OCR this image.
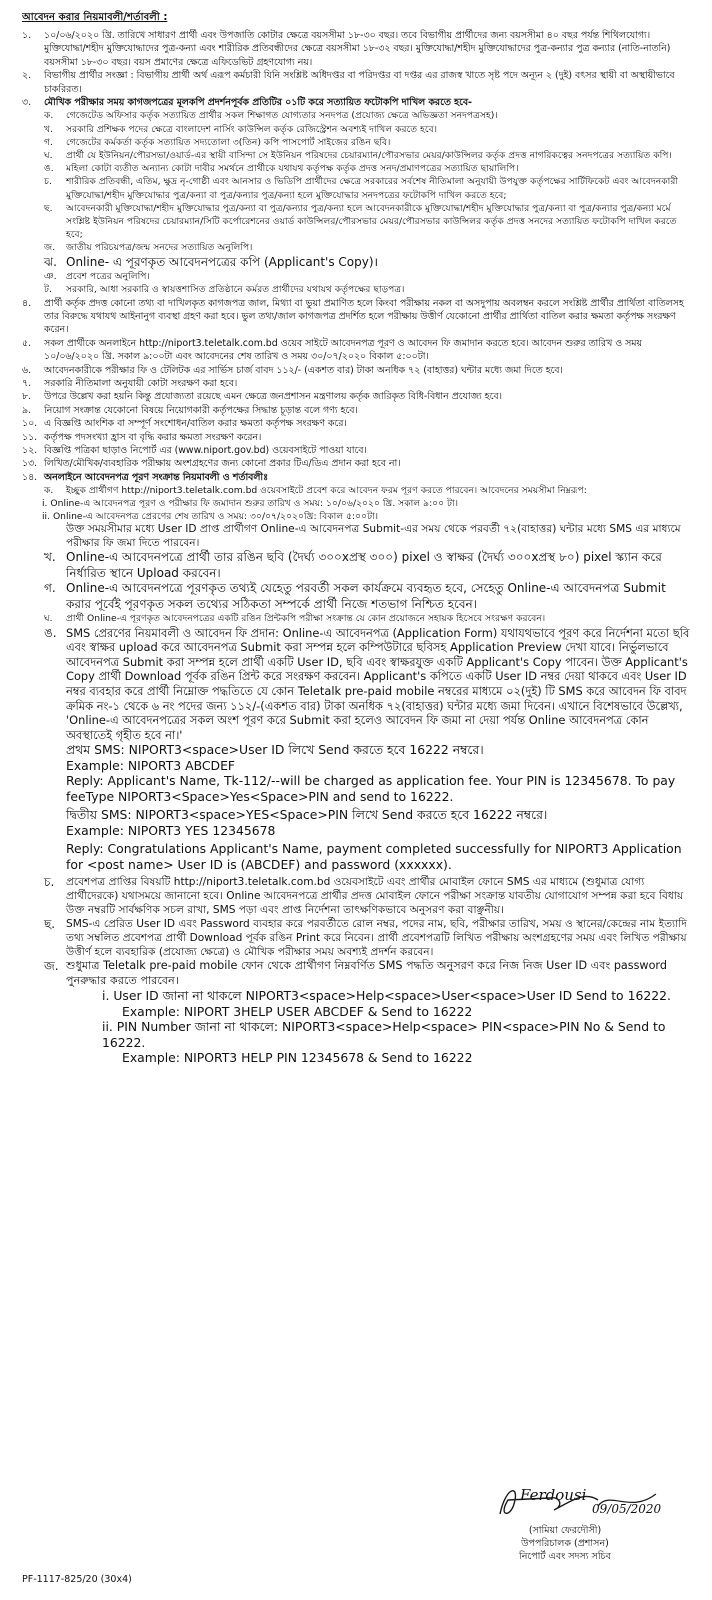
আবেদন করার নিয়মাবলী/শর্তাবলী :
১.	১০/০৬/২০২০ খ্রি. তারিখে সাধারণ প্রার্থী এবং উপজাতি কোটার ক্ষেত্রে বয়সসীমা ১৮-৩০ বছর। তবে বিভাগীয় প্রার্থীদের জন্য বয়সসীমা ৪০ বছর পর্যন্ত শিথিলযোগ্য। মুক্তিযোদ্ধা/শহীদ মুক্তিযোদ্ধাদের পুত্র-কন্যা এবং শারীরিক প্রতিবন্ধীদের ক্ষেত্রে বয়সসীমা ১৮-৩২ বছর। মুক্তিযোদ্ধা/শহীদ মুক্তিযোদ্ধাদের পুত্র-কন্যার পুত্র কন্যার (নাতি-নাতনি) বয়সসীমা ১৮-৩০ বছর। বয়স প্রমাণের ক্ষেত্রে এফিডেভিট গ্রহণযোগ্য নয়।
২.	বিভাগীয় প্রার্থীর সংজ্ঞা : বিভাগীয় প্রার্থী অর্থ এরূপ কর্মচারী যিনি সংশ্লিষ্ট অধিদপ্তর বা পরিদপ্তর বা দপ্তর এর রাজস্ব খাতে সৃষ্ট পদে অন্যূন ২ (দুই) বৎসর স্থায়ী বা অস্থায়ীভাবে চাকরিরত।
৩.	মৌখিক পরীক্ষার সময় কাগজপত্রের মূলকপি প্রদর্শনপূর্বক প্রতিটির ০১টি করে সত্যায়িত ফটোকপি দাখিল করতে হবে-
ক.	গেজেটেড অফিসার কর্তৃক সত্যায়িত প্রার্থীর সকল শিক্ষাগত যোগ্যতার সনদপত্র (প্রযোজ্য ক্ষেত্রে অভিজ্ঞতা সনদপত্রসহ)।
খ.	সরকারি প্রশিক্ষক পদের ক্ষেত্রে বাংলাদেশ নার্সিং কাউন্সিল কর্তৃক রেজিস্ট্রেশন অবশ্যই দাখিল করতে হবে।
গ.	গেজেটের কর্মকর্তা কর্তৃক সত্যায়িত সদ্যতোলা ৩(তিন) কপি পাসপোর্ট সাইজের রঙিন ছবি।
ঘ.	প্রার্থী যে ইউনিয়ন/পৌরসভা/ওয়ার্ড-এর স্থায়ী বাসিন্দা সে ইউনিয়ন পরিষদের চেয়ারম্যান/পৌরসভার মেয়র/কাউন্সিলর কর্তৃক প্রদত্ত নাগরিকত্বের সনদপত্রের সত্যায়িত কপি।
ঙ.	মহিলা কোটা ব্যতীত অন্যান্য কোটা দাবীর সমর্থনে প্রার্থীকে যথাযথ কর্তৃপক্ষ কর্তৃক প্রদত্ত সনদ/প্রমাণপত্রের সত্যায়িত ছায়ালিপি।
চ.	শারীরিক প্রতিবন্ধী, এতিম, ক্ষুদ্র নৃ-গোষ্ঠী এবং আনসার ও ভিডিপি প্রার্থীদের ক্ষেত্রে সরকারের সর্বশেষ নীতিমালা অনুযায়ী উপযুক্ত কর্তৃপক্ষের সার্টিফিকেট এবং আবেদনকারী মুক্তিযোদ্ধা/শহীদ মুক্তিযোদ্ধার পুত্র/কন্যা বা পুত্র/কন্যার পুত্র/কন্যা হলে মুক্তিযোদ্ধার সনদপত্রের ফটোকপি দাখিল করতে হবে;
ছ.	আবেদনকারী মুক্তিযোদ্ধা/শহীদ মুক্তিযোদ্ধার পুত্র/কন্যা বা পুত্র/কন্যার পুত্র/কন্যা হলে আবেদনকারীকে মুক্তিযোদ্ধা/শহীদ মুক্তিযোদ্ধার পুত্র/কন্যা বা পুত্র/কন্যার পুত্র/কন্যা মর্মে সংশ্লিষ্ট ইউনিয়ন পরিষদের চেয়ারম্যান/সিটি কর্পোরেশনের ওয়ার্ড কাউন্সিলর/পৌরসভার মেয়র/পৌরসভার কাউন্সিলর কর্তৃক প্রদত্ত সনদের সত্যায়িত ফটোকপি দাখিল করতে হবে;
জ.	জাতীয় পরিচয়পত্র/জন্ম সনদের সত্যায়িত অনুলিপি।
ঝ. Online- এ পূরণকৃত আবেদনপত্রের কপি (Applicant's Copy)।
ঞ.	প্রবেশ পত্রের অনুলিপি।
ট.	সরকারি, আধা সরকারি ও স্বায়ত্তশাসিত প্রতিষ্ঠানে কর্মরত প্রার্থীদের যথাযথ কর্তৃপক্ষের ছাড়পত্র।
৪.	প্রার্থী কর্তৃক প্রদত্ত কোনো তথ্য বা দাখিলকৃত কাগজপত্র জাল, মিথ্যা বা ভুয়া প্রমাণিত হলে কিংবা পরীক্ষায় নকল বা অসদুপায় অবলম্বন করলে সংশ্লিষ্ট প্রার্থীর প্রার্থিতা বাতিলসহ তার বিরুদ্ধে যথাযথ আইনানুগ ব্যবস্থা গ্রহণ করা হবে। ভুল তথ্য/জাল কাগজপত্র প্রদর্শিত হলে পরীক্ষায় উত্তীর্ণ যেকোনো প্রার্থীর প্রার্থিতা বাতিল করার ক্ষমতা কর্তৃপক্ষ সংরক্ষণ করেন।
৫.	সকল প্রার্থীকে অনলাইনে http://niport3.teletalk.com.bd ওয়েব সাইটে আবেদনপত্র পূরণ ও আবেদন ফি জমাদান করতে হবে। আবেদন শুরুর তারিখ ও সময় ১০/০৬/২০২০ খ্রি. সকাল ৯:০০টা এবং আবেদনের শেষ তারিখ ও সময় ৩০/০৭/২০২০ বিকাল ৫:০০টা।
৬.	আবেদনকারীকে পরীক্ষার ফি ও টেলিটক এর সার্ভিস চার্জ বাবদ ১১২/- (একশত বার) টাকা অনধিক ৭২ (বাহাত্তর) ঘন্টার মধ্যে জমা দিতে হবে।
৭.	সরকারি নীতিমালা অনুযায়ী কোটা সংরক্ষণ করা হবে।
৮.	উপরে উল্লেখ করা হয়নি কিন্তু প্রযোজ্যতা রয়েছে এমন ক্ষেত্রে জনপ্রশাসন মন্ত্রণালয় কর্তৃক জারিকৃত বিধি-বিধান প্রযোজ্য হবে।
৯.	নিয়োগ সংক্রান্ত যেকোনো বিষয়ে নিয়োগকারী কর্তৃপক্ষের সিদ্ধান্ত চূড়ান্ত বলে গণ্য হবে।
১০. এ বিজ্ঞপ্তি আংশিক বা সম্পূর্ণ সংশোধন/বাতিল করার ক্ষমতা কর্তৃপক্ষ সংরক্ষণ করে।
১১. কর্তৃপক্ষ পদসংখ্যা হ্রাস বা বৃদ্ধি করার ক্ষমতা সংরক্ষণ করেন।
১২. বিজ্ঞপ্তি পত্রিকা ছাড়াও নিপোর্ট এর (www.niport.gov.bd) ওয়েবসাইটে পাওয়া যাবে।
১৩. লিখিত/মৌখিক/ব্যবহারিক পরীক্ষায় অংশগ্রহণের জন্য কোনো প্রকার টিএ/ডিএ প্রদান করা হবে না।
১৪. অনলাইনে আবেদনপত্র পূরণ সংক্রান্ত নিয়মাবলী ও শর্তাবলীঃ
ক.	ইচ্ছুক প্রার্থীগণ http://niport3.teletalk.com.bd ওয়েবসাইটে প্রবেশ করে আবেদন ফরম পূরণ করতে পারবেন। আবেদনের সময়সীমা নিম্নরূপ:
i. Online-এ আবেদনপত্র পূরণ ও পরীক্ষার ফি জমাদান শুরুর তারিখ ও সময়: ১০/০৬/২০২০ খ্রি. সকাল ৯:০০ টা।
ii. Online-এ আবেদনপত্র প্রেরণের শেষ তারিখ ও সময়: ৩০/০৭/২০২০খ্রি: বিকাল ৫:০০টা।
উক্ত সময়সীমার মধ্যে User ID প্রাপ্ত প্রার্থীগণ Online-এ আবেদনপত্র Submit-এর সময় থেকে পরবর্তী ৭২(বাহাত্তর) ঘন্টার মধ্যে SMS এর মাধ্যমে পরীক্ষার ফি জমা দিতে পারবেন।
খ. Online-এ আবেদনপত্রে প্রার্থী তার রঙিন ছবি (দৈর্ঘ্য ৩০০xপ্রস্থ ৩০০) pixel ও স্বাক্ষর (দৈর্ঘ্য ৩০০xপ্রস্থ ৮০) pixel স্ক্যান করে নির্ধারিত স্থানে Upload করবেন।
গ. Online-এ আবেদনপত্রে পূরণকৃত তথ্যই যেহেতু পরবর্তী সকল কার্যক্রমে ব্যবহৃত হবে, সেহেতু Online-এ আবেদনপত্র Submit করার পূর্বেই পূরণকৃত সকল তথ্যের সঠিকতা সম্পর্কে প্রার্থী নিজে শতভাগ নিশ্চিত হবেন।
ঘ.	প্রার্থী Online-এ পূরণকৃত আবেদনপত্রের একটি রঙিন প্রিন্টকপি পরীক্ষা সংক্রান্ত যে কোন প্রয়োজনে সহায়ক হিসেবে সংরক্ষণ করবেন।
ঙ. SMS প্রেরণের নিয়মাবলী ও আবেদন ফি প্রদান: Online-এ আবেদনপত্র (Application Form) যথাযথভাবে পূরণ করে নির্দেশনা মতো ছবি এবং স্বাক্ষর upload করে আবেদনপত্র Submit করা সম্পন্ন হলে কম্পিউটারে ছবিসহ Application Preview দেখা যাবে। নির্ভুলভাবে আবেদনপত্র Submit করা সম্পন্ন হলে প্রার্থী একটি User ID, ছবি এবং স্বাক্ষরযুক্ত একটি Applicant's Copy পাবেন। উক্ত Applicant's Copy প্রার্থী Download পূর্বক রঙিন প্রিন্ট করে সংরক্ষণ করবেন। Applicant's কপিতে একটি User ID নম্বর দেয়া থাকবে এবং User ID নম্বর ব্যবহার করে প্রার্থী নিম্নোক্ত পদ্ধতিতে যে কোন Teletalk pre-paid mobile নম্বরের মাধ্যমে ০২(দুই) টি SMS করে আবেদন ফি বাবদ ক্রমিক নং-১ থেকে ৬ নং পদের জন্য ১১২/-(একশত বার) টাকা অনধিক ৭২(বাহাত্তর) ঘন্টার মধ্যে জমা দিবেন। এখানে বিশেষভাবে উল্লেখ্য, 'Online-এ আবেদনপত্রের সকল অংশ পূরণ করে Submit করা হলেও আবেদন ফি জমা না দেয়া পর্যন্ত Online আবেদনপত্র কোন অবস্থাতেই গৃহীত হবে না।'
প্রথম SMS: NIPORT3<space>User ID লিখে Send করতে হবে 16222 নম্বরে।
Example: NIPORT3 ABCDEF
Reply: Applicant's Name, Tk-112/--will be charged as application fee. Your PIN is 12345678. To pay feeType NIPORT3<Space>Yes<Space>PIN and send to 16222.
দ্বিতীয় SMS: NIPORT3<space>YES<Space>PIN লিখে Send করতে হবে 16222 নম্বরে।
Example: NIPORT3 YES 12345678
Reply: Congratulations Applicant's Name, payment completed successfully for NIPORT3 Application for <post name> User ID is (ABCDEF) and password (xxxxxx).
চ.	প্রবেশপত্র প্রাপ্তির বিষয়টি http://niport3.teletalk.com.bd ওয়েবসাইটে এবং প্রার্থীর মোবাইল ফোনে SMS এর মাধ্যমে (শুধুমাত্র যোগ্য প্রার্থীদেরকে) যথাসময়ে জানানো হবে। Online আবেদনপত্রে প্রার্থীর প্রদত্ত মোবাইল ফোনে পরীক্ষা সংক্রান্ত যাবতীয় যোগাযোগ সম্পন্ন করা হবে বিধায় উক্ত নম্বরটি সার্বক্ষণিক সচল রাখা, SMS পড়া এবং প্রাপ্ত নির্দেশনা তাৎক্ষণিকভাবে অনুসরণ করা বাঞ্ছনীয়।
ছ.	SMS-এ প্রেরিত User ID এবং Password ব্যবহার করে পরবর্তীতে রোল নম্বর, পদের নাম, ছবি, পরীক্ষার তারিখ, সময় ও স্থানের/কেন্দ্রের নাম ইত্যাদি তথ্য সম্বলিত প্রবেশপত্র প্রার্থী Download পূর্বক রঙিন Print করে নিবেন। প্রার্থী প্রবেশপত্রটি লিখিত পরীক্ষায় অংশগ্রহণের সময় এবং লিখিত পরীক্ষায় উত্তীর্ণ হলে ব্যবহারিক (প্রযোজ্য ক্ষেত্রে) ও মৌখিক পরীক্ষার সময় অবশ্যই প্রদর্শন করবেন।
জ. শুধুমাত্র Teletalk pre-paid mobile ফোন থেকে প্রার্থীগণ নিম্নবর্ণিত SMS পদ্ধতি অনুসরণ করে নিজ নিজ User ID এবং password পুনরুদ্ধার করতে পারবেন।
i. User ID জানা না থাকলে NIPORT3<space>Help<space>User<space>User ID Send to 16222.
Example: NIPORT 3HELP USER ABCDEF & Send to 16222
ii. PIN Number জানা না থাকলে: NIPORT3<space>Help<space> PIN<space>PIN No & Send to 16222.
Example: NIPORT3 HELP PIN 12345678 & Send to 16222
Ferdousi
09/05/2020
(সামিয়া ফেরদৌসী)
উপপরিচালক (প্রশাসন)
নিপোর্ট এবং সদস্য সচিব
PF-1117-825/20 (30x4)
